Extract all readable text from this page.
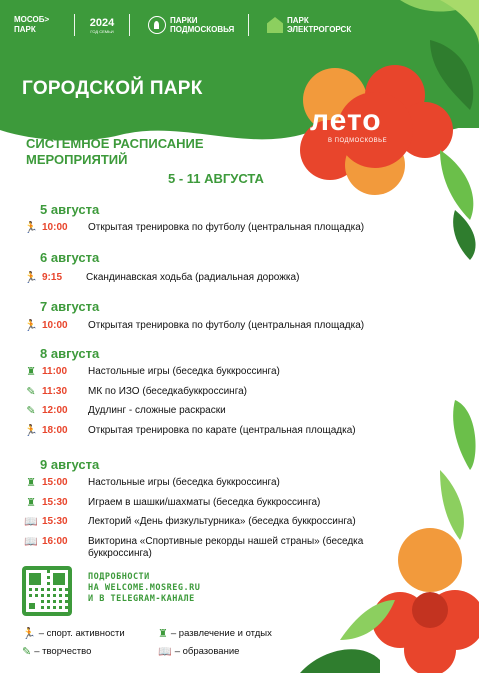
МОСОБ> ПАРК
2024
ГОД СЕМЬИ
ПАРКИ ПОДМОСКОВЬЯ
ПАРК ЭЛЕКТРОГОРСК
ГОРОДСКОЙ ПАРК
лето
В ПОДМОСКОВЬЕ
СИСТЕМНОЕ РАСПИСАНИЕ
МЕРОПРИЯТИЙ
5 - 11 АВГУСТА
5 августа
🏃 10:00	Открытая тренировка по футболу (центральная площадка)
6 августа
🏃 9:15	Скандинавская ходьба (радиальная дорожка)
7 августа
🏃 10:00	Открытая тренировка по футболу (центральная площадка)
8 августа
♜ 11:00	Настольные игры (беседка буккроссинга)
✎ 11:30	МК по ИЗО (беседкабуккроссинга)
✎ 12:00	Дудлинг - сложные раскраски
🏃 18:00	Открытая тренировка по карате (центральная площадка)
9 августа
♜ 15:00	Настольные игры (беседка буккроссинга)
♜ 15:30	Играем в шашки/шахматы (беседка буккроссинга)
📖 15:30	Лекторий «День физкультурника» (беседка буккроссинга)
📖 16:00	Викторина «Спортивные рекорды нашей страны» (беседка буккроссинга)
ПОДРОБНОСТИ
НА WELCOME.MOSREG.RU
И В TELEGRAM-КАНАЛЕ
🏃 – спорт. активности	♜ – развлечение и отдых
✎ – творчество	📖 – образование
